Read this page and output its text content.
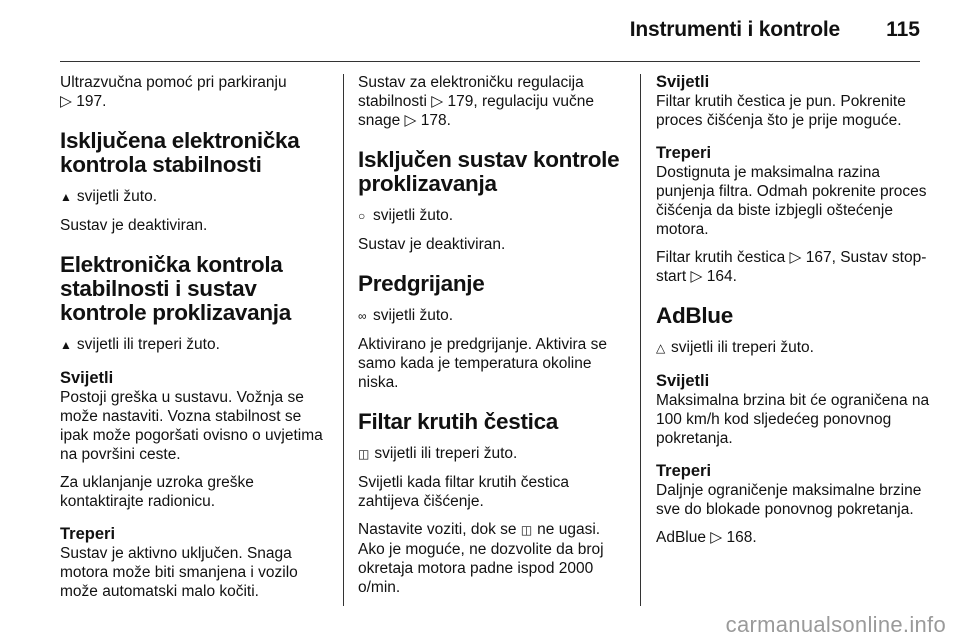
Instrumenti i kontrole 115

Ultrazvučna pomoć pri parkiranju
▷ 197.

Isključena elektronička kontrola stabilnosti

▲ svijetli žuto.

Sustav je deaktiviran.

Elektronička kontrola stabilnosti i sustav kontrole proklizavanja

▲ svijetli ili treperi žuto.

Svijetli

Postoji greška u sustavu. Vožnja se može nastaviti. Vozna stabilnost se ipak može pogoršati ovisno o uvjetima na površini ceste.

Za uklanjanje uzroka greške kontaktirajte radionicu.

Treperi

Sustav je aktivno uključen. Snaga motora može biti smanjena i vozilo može automatski malo kočiti.

Sustav za elektroničku regulacija stabilnosti ▷ 179, regulaciju vučne snage ▷ 178.

Isključen sustav kontrole proklizavanja

○ svijetli žuto.

Sustav je deaktiviran.

Predgrijanje

∞ svijetli žuto.

Aktivirano je predgrijanje. Aktivira se samo kada je temperatura okoline niska.

Filtar krutih čestica

◫ svijetli ili treperi žuto.

Svijetli kada filtar krutih čestica zahtijeva čišćenje.

Nastavite voziti, dok se ◫ ne ugasi. Ako je moguće, ne dozvolite da broj okretaja motora padne ispod 2000 o/min.

Svijetli

Filtar krutih čestica je pun. Pokrenite proces čišćenja što je prije moguće.

Treperi

Dostignuta je maksimalna razina punjenja filtra. Odmah pokrenite proces čišćenja da biste izbjegli oštećenje motora.

Filtar krutih čestica ▷ 167, Sustav stop-start ▷ 164.

AdBlue

△ svijetli ili treperi žuto.

Svijetli

Maksimalna brzina bit će ograničena na 100 km/h kod sljedećeg ponovnog pokretanja.

Treperi

Daljnje ograničenje maksimalne brzine sve do blokade ponovnog pokretanja.

AdBlue ▷ 168.

carmanualsonline.info
